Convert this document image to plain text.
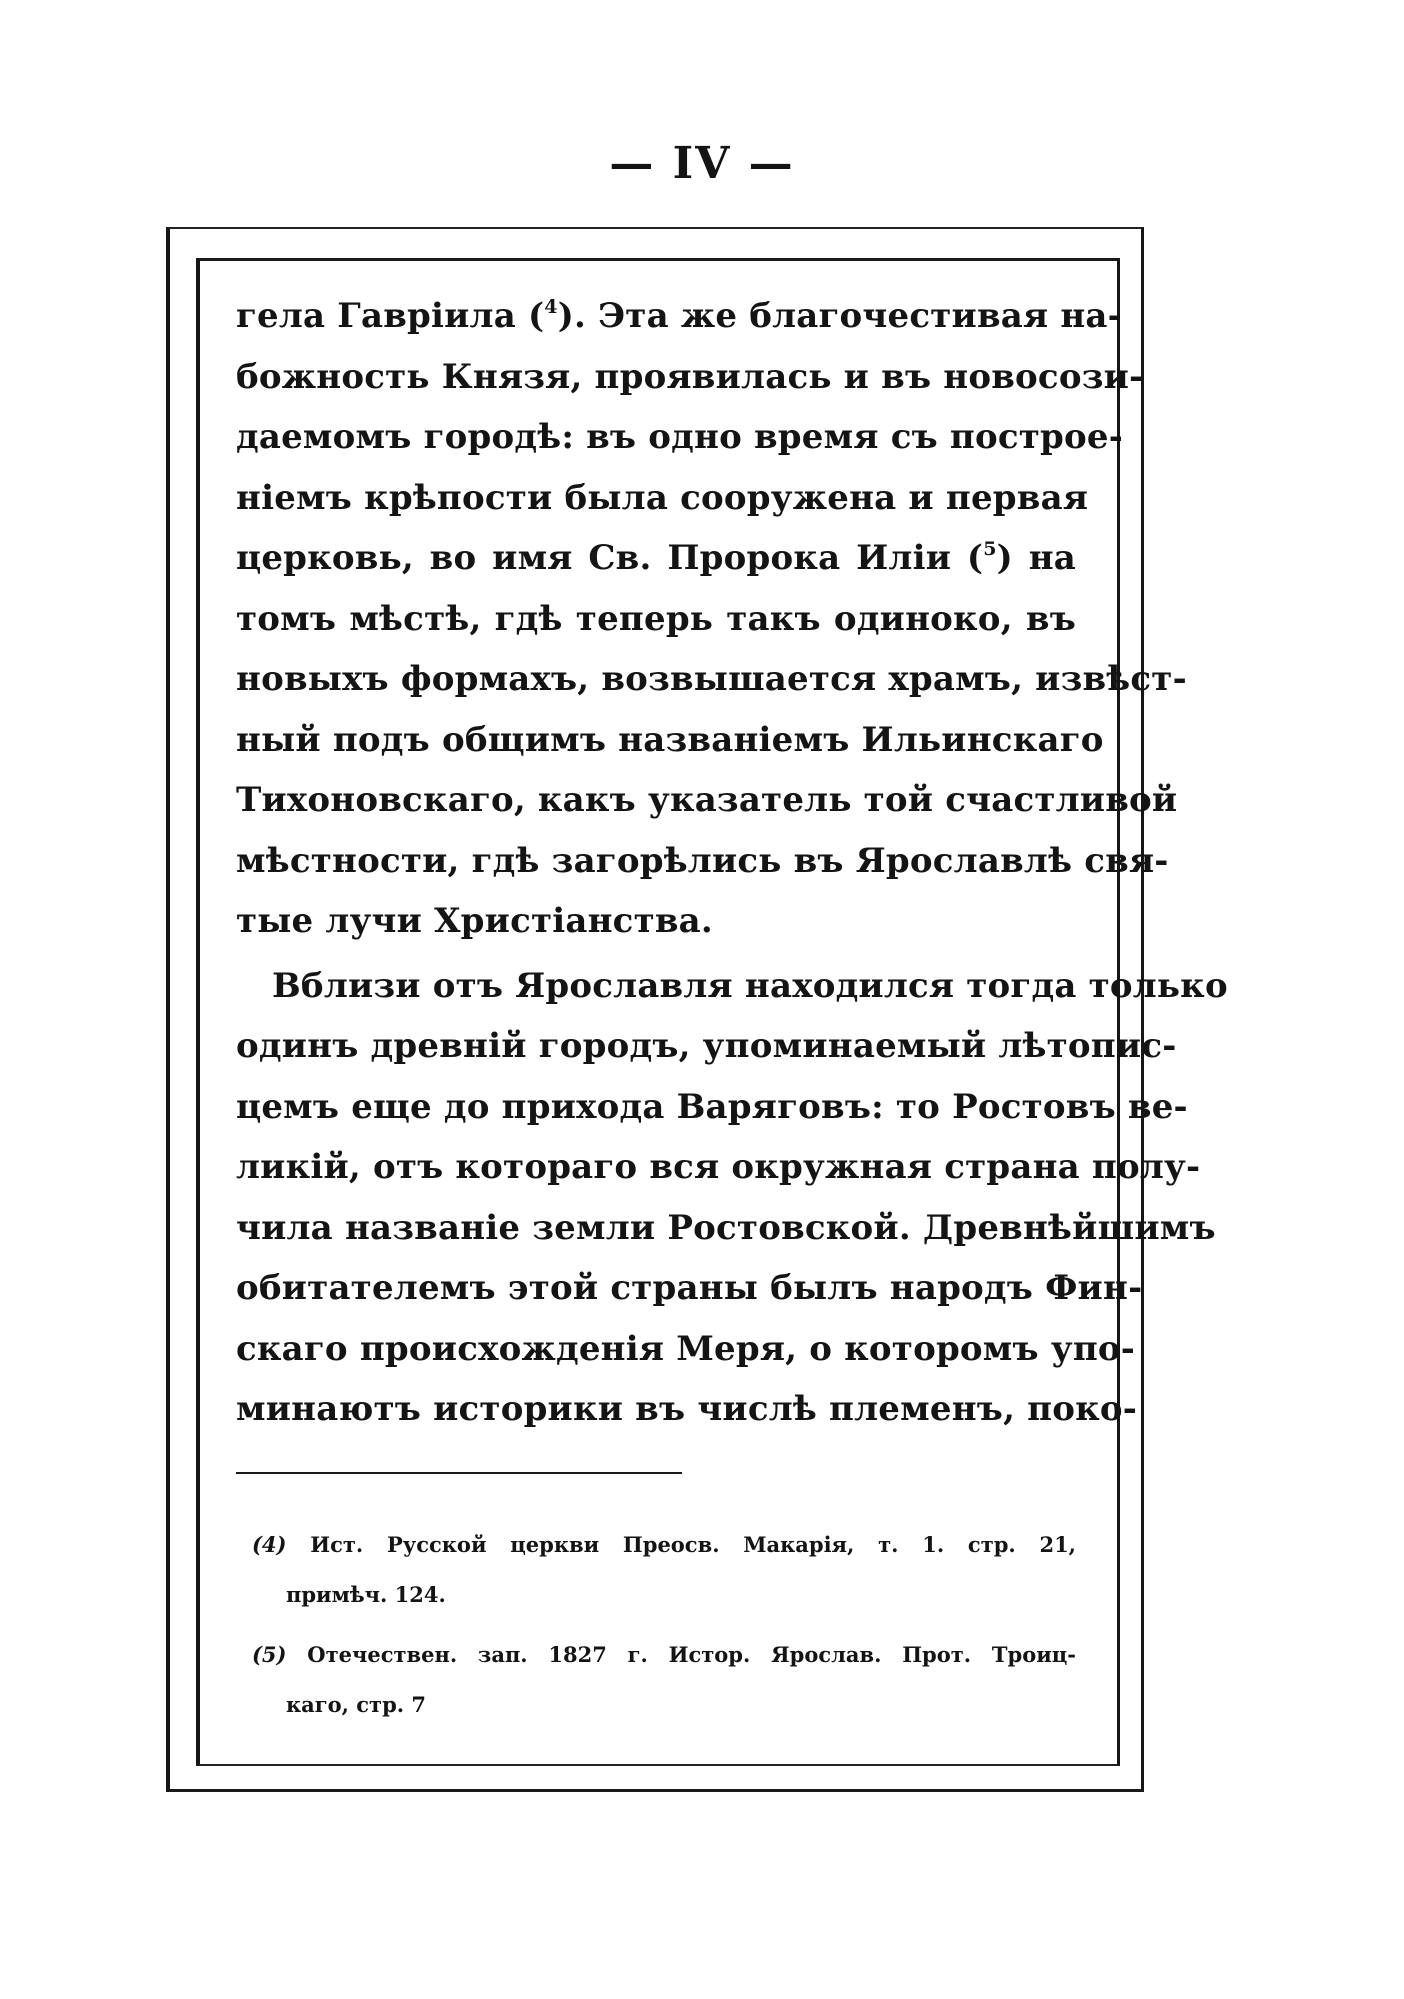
— IV —
гела Гавріила ($^4$). Эта же благочестивая на-
божность Князя, проявилась и въ новосози-
даемомъ городѣ: въ одно время съ построе-
ніемъ крѣпости была сооружена и первая
церковь, во имя Св. Пророка Иліи ($^5$) на
томъ мѣстѣ, гдѣ теперь такъ одиноко, въ
новыхъ формахъ, возвышается храмъ, извѣст-
ный подъ общимъ названіемъ Ильинскаго
Тихоновскаго, какъ указатель той счастливой
мѣстности, гдѣ загорѣлись въ Ярославлѣ свя-
тые лучи Христіанства.
Вблизи отъ Ярославля находился тогда только
одинъ древній городъ, упоминаемый лѣтопис-
цемъ еще до прихода Варяговъ: то Ростовъ ве-
ликій, отъ котораго вся окружная страна полу-
чила названіе земли Ростовской. Древнѣйшимъ
обитателемъ этой страны былъ народъ Фин-
скаго происхожденія Меря, о которомъ упо-
минаютъ историки въ числѣ племенъ, поко-
(4) Ист. Русской церкви Преосв. Макарія, т. 1. стр. 21,
примѣч. 124.
(5) Отечествен. зап. 1827 г. Истор. Ярослав. Прот. Троиц-
каго, стр. 7
